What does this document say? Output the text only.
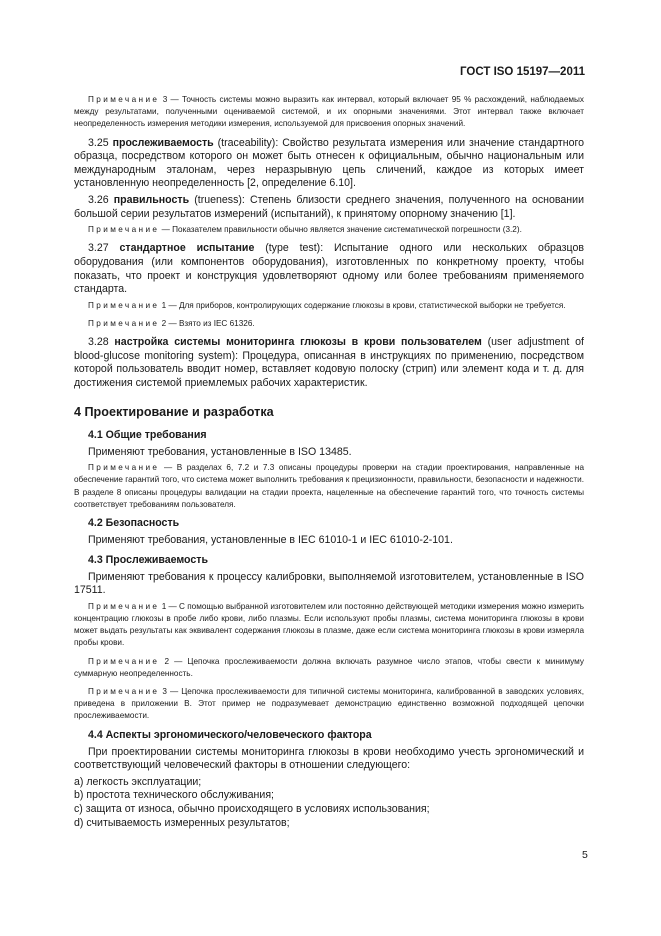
ГОСТ ISO 15197—2011

Примечание 3 — Точность системы можно выразить как интервал, который включает 95 % расхождений, наблюдаемых между результатами, полученными оцениваемой системой, и их опорными значениями. Этот интервал также включает неопределенность измерения методики измерения, используемой для присвоения опорных значений.

3.25 прослеживаемость (traceability): Свойство результата измерения или значение стандартного образца, посредством которого он может быть отнесен к официальным, обычно национальным или международным эталонам, через неразрывную цепь сличений, каждое из которых имеет установленную неопределенность [2, определение 6.10].

3.26 правильность (trueness): Степень близости среднего значения, полученного на основании большой серии результатов измерений (испытаний), к принятому опорному значению [1].

Примечание — Показателем правильности обычно является значение систематической погрешности (3.2).

3.27 стандартное испытание (type test): Испытание одного или нескольких образцов оборудования (или компонентов оборудования), изготовленных по конкретному проекту, чтобы показать, что проект и конструкция удовлетворяют одному или более требованиям применяемого стандарта.

Примечание 1 — Для приборов, контролирующих содержание глюкозы в крови, статистической выборки не требуется.

Примечание 2 — Взято из IEC 61326.

3.28 настройка системы мониторинга глюкозы в крови пользователем (user adjustment of blood-glucose monitoring system): Процедура, описанная в инструкциях по применению, посредством которой пользователь вводит номер, вставляет кодовую полоску (стрип) или элемент кода и т. д. для достижения системой приемлемых рабочих характеристик.

4 Проектирование и разработка
4.1 Общие требования

Применяют требования, установленные в ISO 13485.

Примечание — В разделах 6, 7.2 и 7.3 описаны процедуры проверки на стадии проектирования, направленные на обеспечение гарантий того, что система может выполнить требования к прецизионности, правильности, безопасности и надежности. В разделе 8 описаны процедуры валидации на стадии проекта, нацеленные на обеспечение гарантий того, что точность системы соответствует требованиям пользователя.

4.2 Безопасность

Применяют требования, установленные в IEC 61010-1 и IEC 61010-2-101.

4.3 Прослеживаемость

Применяют требования к процессу калибровки, выполняемой изготовителем, установленные в ISO 17511.

Примечание 1 — С помощью выбранной изготовителем или постоянно действующей методики измерения можно измерить концентрацию глюкозы в пробе либо крови, либо плазмы. Если используют пробы плазмы, система мониторинга глюкозы в крови может выдать результаты как эквивалент содержания глюкозы в плазме, даже если система мониторинга глюкозы в крови измеряла пробы крови.

Примечание 2 — Цепочка прослеживаемости должна включать разумное число этапов, чтобы свести к минимуму суммарную неопределенность.

Примечание 3 — Цепочка прослеживаемости для типичной системы мониторинга, калиброванной в заводских условиях, приведена в приложении В. Этот пример не подразумевает демонстрацию единственно возможной подходящей цепочки прослеживаемости.

4.4 Аспекты эргономического/человеческого фактора

При проектировании системы мониторинга глюкозы в крови необходимо учесть эргономический и соответствующий человеческий факторы в отношении следующего:

a) легкость эксплуатации;
b) простота технического обслуживания;
c) защита от износа, обычно происходящего в условиях использования;
d) считываемость измеренных результатов;
5
